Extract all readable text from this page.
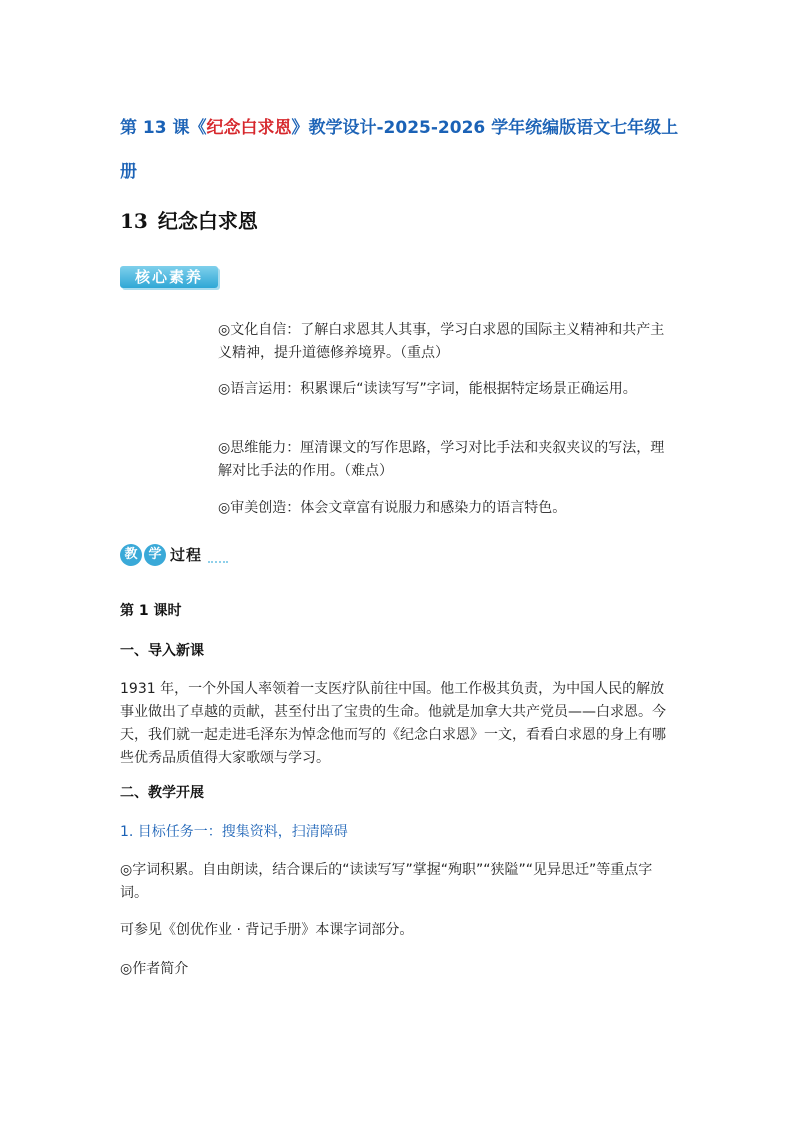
第 13 课《纪念白求恩》教学设计-2025-2026 学年统编版语文七年级上册
13 纪念白求恩
核心素养

◎文化自信：了解白求恩其人其事，学习白求恩的国际主义精神和共产主义精神，提升道德修养境界。（重点）

◎语言运用：积累课后“读读写写”字词，能根据特定场景正确运用。

◎思维能力：厘清课文的写作思路，学习对比手法和夹叙夹议的写法，理解对比手法的作用。（难点）

◎审美创造：体会文章富有说服力和感染力的语言特色。

教 学 过程

第 1 课时

一、导入新课

1931 年，一个外国人率领着一支医疗队前往中国。他工作极其负责，为中国人民的解放事业做出了卓越的贡献，甚至付出了宝贵的生命。他就是加拿大共产党员——白求恩。今天，我们就一起走进毛泽东为悼念他而写的《纪念白求恩》一文，看看白求恩的身上有哪些优秀品质值得大家歌颂与学习。

二、教学开展

1. 目标任务一：搜集资料，扫清障碍

◎字词积累。自由朗读，结合课后的“读读写写”掌握“殉职”“狭隘”“见异思迁”等重点字词。

可参见《创优作业 · 背记手册》本课字词部分。

◎作者简介
